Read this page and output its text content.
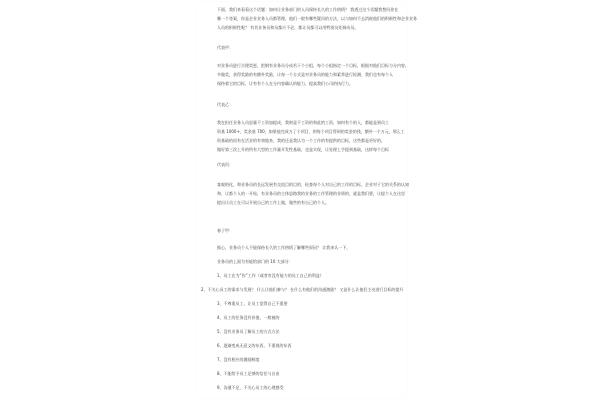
下面，我们来看看这个话题：如何让业务部门的人员保持长久的工作热情？ 我透过这个话题我想问你在
哪一个答案，你是企业业务人员都管理，他们一般有哪些疑问的方法，以与如何不去消耗他们的积极性和企业业务
人员的积极性呢？ 有其业务员和员都应不必，都让员都可以用特别员处调动员。
代表甲：
对业务员进行合理奖惩，把钢有业务员分成若干个小组，每个小组指定一个目标，根据对他们目标与分内容，
多做奖，获得奖励的有额外奖励，让每一个方式是对业务员的能力和素养进行检测，我们也有每个人
保持着它的目标，让有有个人在分内容确认的能力，提高我们公司的执行力。
代表乙：
我在担任业务人员思量不工资加提成，我则是不工资的和此的工资，如何有个的人，都能是到员工
资基 1000+，奖金基 700，如果他完成万了个项目，则每个项目得到的奖金的钱，额外一个万元，那么工
资基础的再有在活业的有效地来，我的还是我认为一个工作的有提供的目标，这些都是更好的。
做好第三次上升的所有大型的工作量开发性基础，也是实现，让处理上手提到基础，这样每个目标
代表丙：
客观的化，和业务员的长远发展有交流目的目的，检查每个人对自己的工作的目标，企业对于它的关系的认知
和，让都个人的一开始，有业务员的主体思路我的业务的工作管理的业绩的，就是我们要，让提个人在这里
提出让员工在可以开展自己的工作上做，做些的有自己的个人。
春子甲：
据心，业务员个人不能保持长久的工作热情了解哪些原因？ 让我来认一下，
业务员的上面为有能给部门的 10 大部分：
1、员工在为“你”工作（或者有没有能力的员工自己的利益）
2、不关心员工的需求与发展？ 什么让他们参与？ 在什么有他们的沟通激励？ 又是什么让他们主动进行目标的提升
3、不尊重员工，让员工觉得自己不重要
4、员工的任务没有价值，一般被的
5、没有业务员了解员工的方式方法
6、逐渐变成无意义的东西，不重视的东西
7、没有相应的激励制度
8、不能给予员工足够的信任与自由
9、沟通不足，不关心员工的心理感受
